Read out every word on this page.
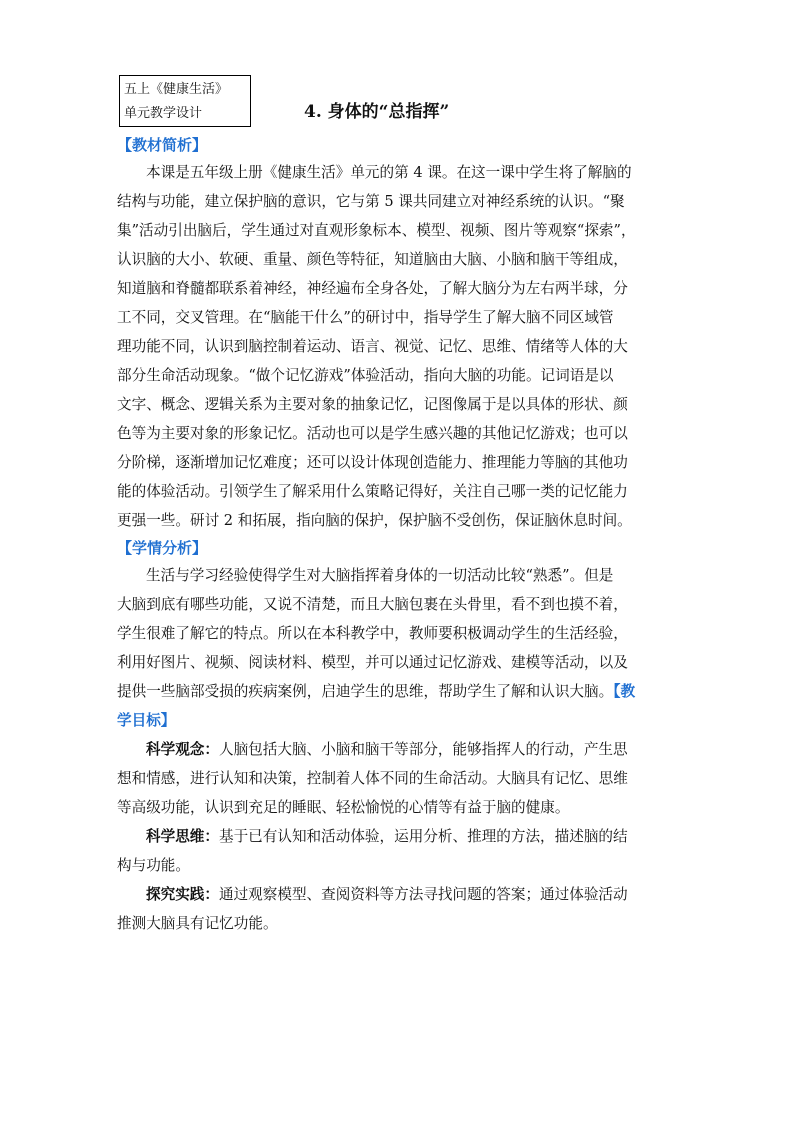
五上《健康生活》
单元教学设计	4. 身体的“总指挥”
【教材简析】
本课是五年级上册《健康生活》单元的第 4 课。在这一课中学生将了解脑的
结构与功能，建立保护脑的意识，它与第 5 课共同建立对神经系统的认识。“聚
集”活动引出脑后，学生通过对直观形象标本、模型、视频、图片等观察“探索”，
认识脑的大小、软硬、重量、颜色等特征，知道脑由大脑、小脑和脑干等组成，
知道脑和脊髓都联系着神经，神经遍布全身各处，了解大脑分为左右两半球，分
工不同，交叉管理。在“脑能干什么”的研讨中，指导学生了解大脑不同区域管
理功能不同，认识到脑控制着运动、语言、视觉、记忆、思维、情绪等人体的大
部分生命活动现象。“做个记忆游戏”体验活动，指向大脑的功能。记词语是以
文字、概念、逻辑关系为主要对象的抽象记忆，记图像属于是以具体的形状、颜
色等为主要对象的形象记忆。活动也可以是学生感兴趣的其他记忆游戏；也可以
分阶梯，逐渐增加记忆难度；还可以设计体现创造能力、推理能力等脑的其他功
能的体验活动。引领学生了解采用什么策略记得好，关注自己哪一类的记忆能力
更强一些。研讨 2 和拓展，指向脑的保护，保护脑不受创伤，保证脑休息时间。
【学情分析】
生活与学习经验使得学生对大脑指挥着身体的一切活动比较“熟悉”。但是
大脑到底有哪些功能，又说不清楚，而且大脑包裹在头骨里，看不到也摸不着，
学生很难了解它的特点。所以在本科教学中，教师要积极调动学生的生活经验，
利用好图片、视频、阅读材料、模型，并可以通过记忆游戏、建模等活动，以及
提供一些脑部受损的疾病案例，启迪学生的思维，帮助学生了解和认识大脑。【教
学目标】
科学观念：人脑包括大脑、小脑和脑干等部分，能够指挥人的行动，产生思
想和情感，进行认知和决策，控制着人体不同的生命活动。大脑具有记忆、思维
等高级功能，认识到充足的睡眠、轻松愉悦的心情等有益于脑的健康。
科学思维：基于已有认知和活动体验，运用分析、推理的方法，描述脑的结
构与功能。
探究实践：通过观察模型、查阅资料等方法寻找问题的答案；通过体验活动
推测大脑具有记忆功能。
